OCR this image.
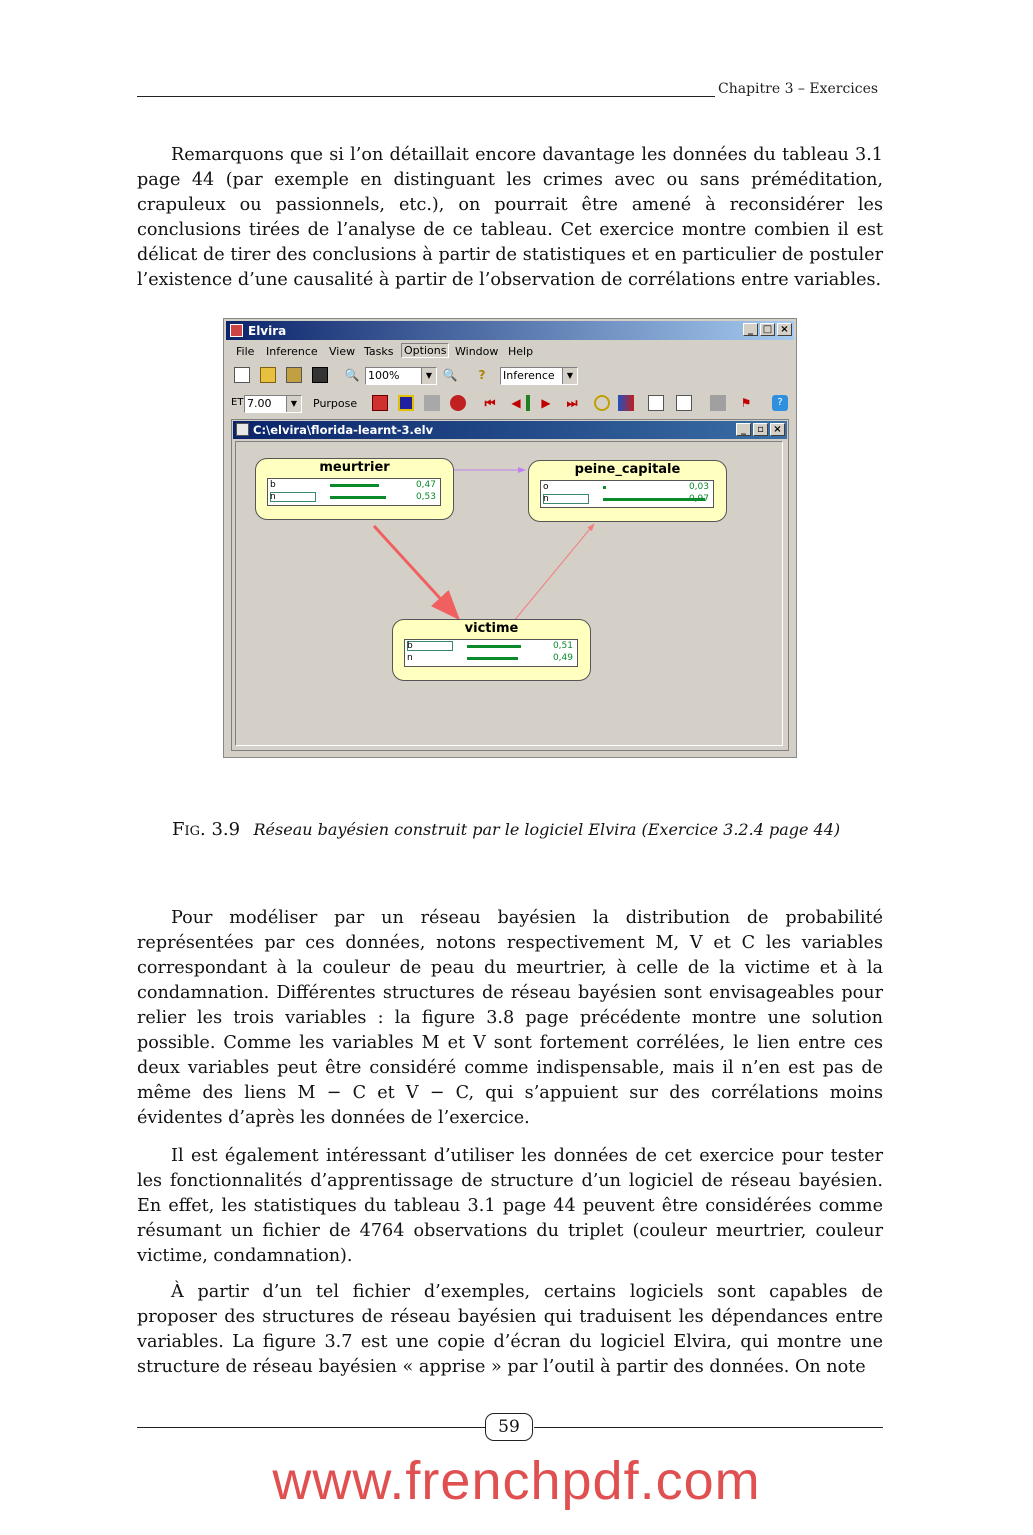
Chapitre 3 – Exercices

Remarquons que si l’on détaillait encore davantage les données du tableau 3.1 page 44 (par exemple en distinguant les crimes avec ou sans préméditation, crapuleux ou passionnels, etc.), on pourrait être amené à reconsidérer les conclusions tirées de l’analyse de ce tableau. Cet exercice montre combien il est délicat de tirer des conclusions à partir de statistiques et en particulier de postuler l’existence d’une causalité à partir de l’observation de corrélations entre variables.

Elvira	_ □ ×
File Inference View Tasks Options Window Help
🔍 100%	▼ 🔍	?	Inference	▼
ET 7.00	▼	Purpose	⏮ ◀ ▶ ⏭	⚑	?
C:\elvira\florida-learnt-3.elv	_	▫ ×
meurtrier
b	0,47
n	0,53
peine_capitale
o	0,03
n	0,97
victime
b	0,51
n	0,49
Fig. 3.9 Réseau bayésien construit par le logiciel Elvira (Exercice 3.2.4 page 44)

Pour modéliser par un réseau bayésien la distribution de probabilité représentées par ces données, notons respectivement M, V et C les variables correspondant à la couleur de peau du meurtrier, à celle de la victime et à la condamnation. Différentes structures de réseau bayésien sont envisageables pour relier les trois variables : la figure 3.8 page précédente montre une solution possible. Comme les variables M et V sont fortement corrélées, le lien entre ces deux variables peut être considéré comme indispensable, mais il n’en est pas de même des liens M − C et V − C, qui s’appuient sur des corrélations moins évidentes d’après les données de l’exercice.

Il est également intéressant d’utiliser les données de cet exercice pour tester les fonctionnalités d’apprentissage de structure d’un logiciel de réseau bayésien. En effet, les statistiques du tableau 3.1 page 44 peuvent être considérées comme résumant un fichier de 4764 observations du triplet (couleur meurtrier, couleur victime, condamnation).

À partir d’un tel fichier d’exemples, certains logiciels sont capables de proposer des structures de réseau bayésien qui traduisent les dépendances entre variables. La figure 3.7 est une copie d’écran du logiciel Elvira, qui montre une structure de réseau bayésien « apprise » par l’outil à partir des données. On note

59
www.frenchpdf.com
